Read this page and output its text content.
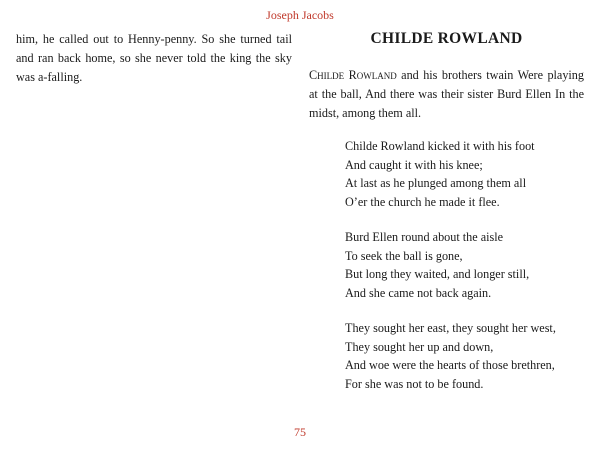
Joseph Jacobs
him, he called out to Henny-penny. So she turned tail and ran back home, so she never told the king the sky was a-falling.
CHILDE ROWLAND

Childe Rowland and his brothers twain Were playing at the ball, And there was their sister Burd Ellen In the midst, among them all.

Childe Rowland kicked it with his foot
And caught it with his knee;
At last as he plunged among them all
O’er the church he made it flee.
Burd Ellen round about the aisle
To seek the ball is gone,
But long they waited, and longer still,
And she came not back again.
They sought her east, they sought her west,
They sought her up and down,
And woe were the hearts of those brethren,
For she was not to be found.
75
